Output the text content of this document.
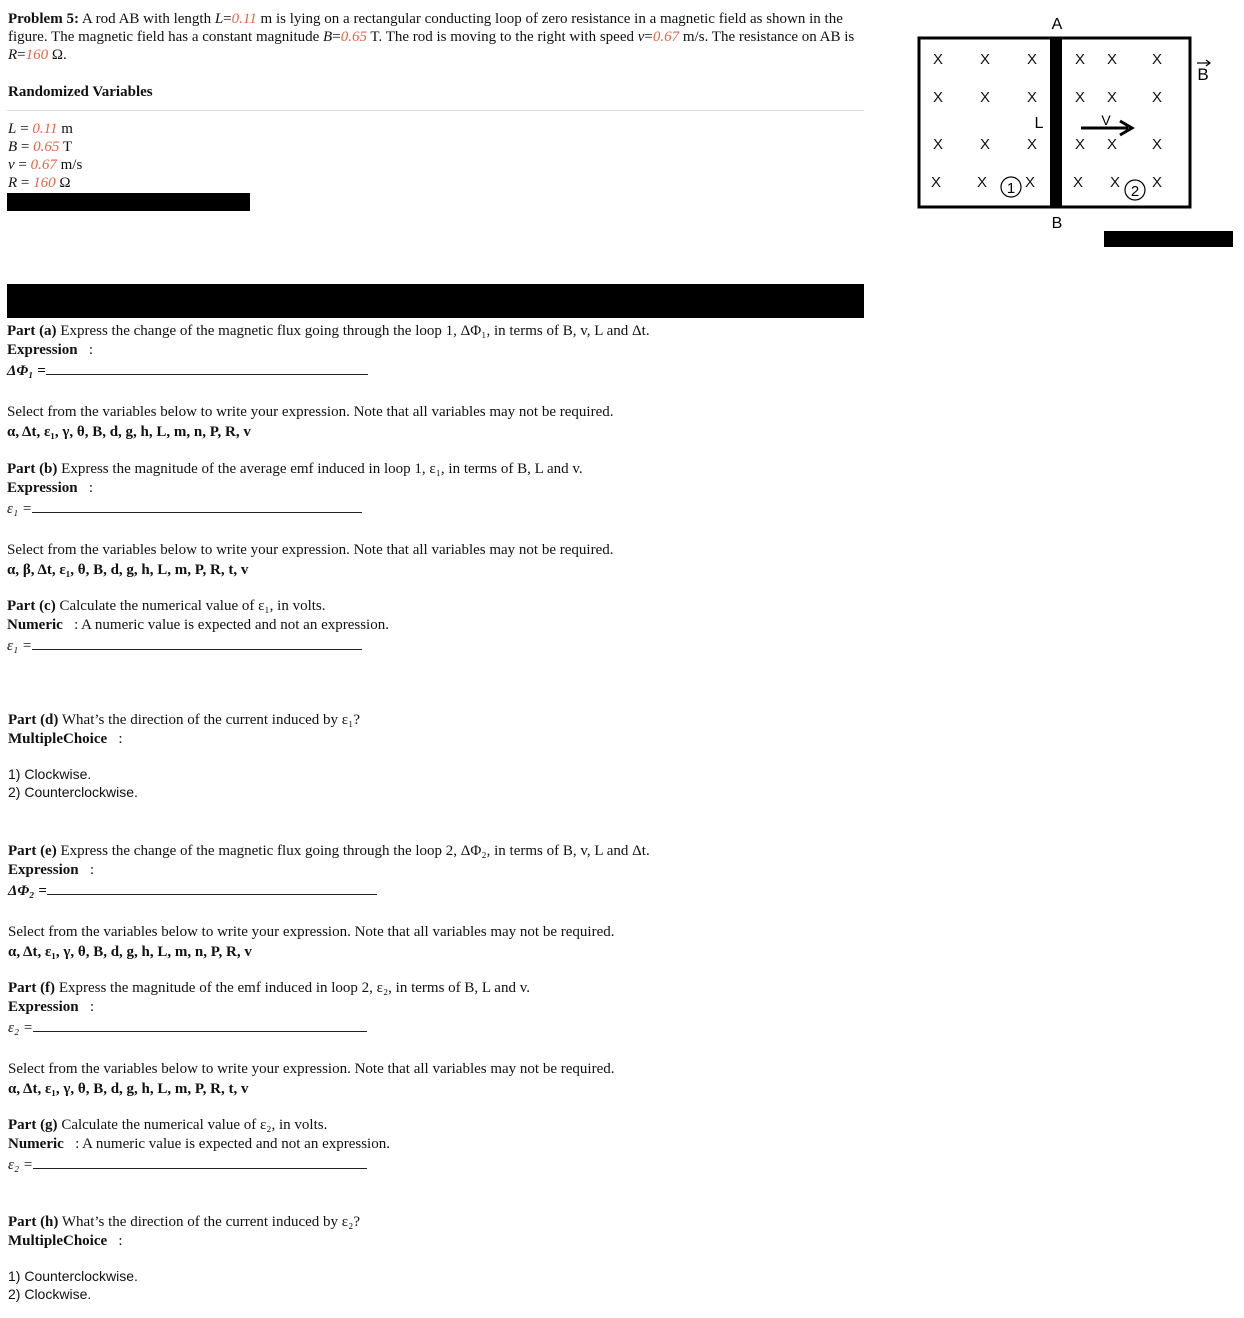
Problem 5: A rod AB with length L=0.11 m is lying on a rectangular conducting loop of zero resistance in a magnetic field as shown in the figure. The magnetic field has a constant magnitude B=0.65 T. The rod is moving to the right with speed v=0.67 m/s. The resistance on AB is R=160 Ω.
Randomized Variables
L = 0.11 m
B = 0.65 T
v = 0.67 m/s
R = 160 Ω
Part (a) Express the change of the magnetic flux going through the loop 1, ΔΦ₁, in terms of B, v, L and Δt.
Expression   :
ΔΦ₁ =
Select from the variables below to write your expression. Note that all variables may not be required.
α, Δt, ε₁, γ, θ, B, d, g, h, L, m, n, P, R, v
Part (b) Express the magnitude of the average emf induced in loop 1, ε₁, in terms of B, L and v.
Expression   :
ε₁ =
Select from the variables below to write your expression. Note that all variables may not be required.
α, β, Δt, ε₁, θ, B, d, g, h, L, m, P, R, t, v
Part (c) Calculate the numerical value of ε₁, in volts.
Numeric : A numeric value is expected and not an expression.
ε₁ =
Part (d) What’s the direction of the current induced by ε₁?
MultipleChoice   :
1) Clockwise.
2) Counterclockwise.
Part (e) Express the change of the magnetic flux going through the loop 2, ΔΦ₂, in terms of B, v, L and Δt.
Expression   :
ΔΦ₂ =
Select from the variables below to write your expression. Note that all variables may not be required.
α, Δt, ε₁, γ, θ, B, d, g, h, L, m, n, P, R, v
Part (f) Express the magnitude of the emf induced in loop 2, ε₂, in terms of B, L and v.
Expression   :
ε₂ =
Select from the variables below to write your expression. Note that all variables may not be required.
α, Δt, ε₁, γ, θ, B, d, g, h, L, m, P, R, t, v
Part (g) Calculate the numerical value of ε₂, in volts.
Numeric : A numeric value is expected and not an expression.
ε₂ =
Part (h) What’s the direction of the current induced by ε₂?
MultipleChoice   :
1) Counterclockwise.
2) Clockwise.
X X X	X X X
X X X	X X X
X X X	X X X
X X	X	X X X
1	2
A
B
L	V
B
